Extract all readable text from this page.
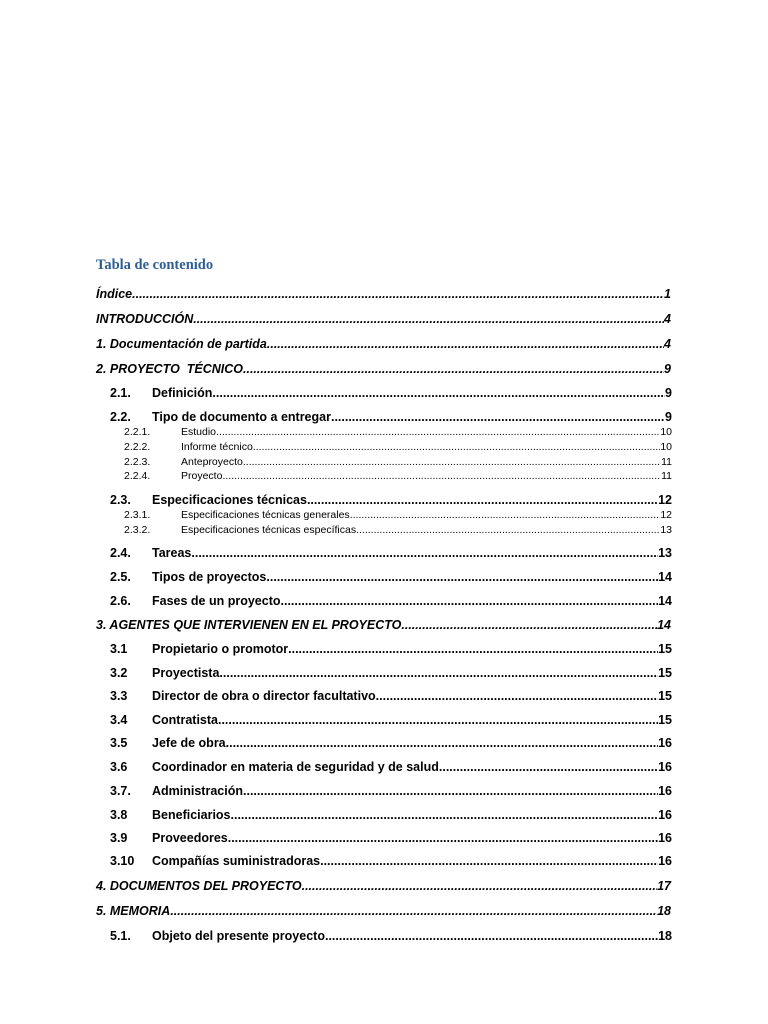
Tabla de contenido
Índice .....	1
INTRODUCCIÓN .....	4
1. Documentación de partida .....	4
2. PROYECTO  TÉCNICO .....	9
2.1.	Definición .....	9
2.2.	Tipo de documento a entregar .....	9
2.2.1.	Estudio .....	10
2.2.2.	Informe técnico .....	10
2.2.3.	Anteproyecto .....	11
2.2.4.	Proyecto .....	11
2.3.	Especificaciones técnicas .....	12
2.3.1.	Especificaciones técnicas generales .....	12
2.3.2.	Especificaciones técnicas específicas .....	13
2.4.	Tareas .....	13
2.5.	Tipos de proyectos .....	14
2.6.	Fases de un proyecto .....	14
3. AGENTES QUE INTERVIENEN EN EL PROYECTO .....	14
3.1	Propietario o promotor .....	15
3.2	Proyectista .....	15
3.3	Director de obra o director facultativo .....	15
3.4	Contratista .....	15
3.5	Jefe de obra .....	16
3.6	Coordinador en materia de seguridad y de salud .....	16
3.7.	Administración .....	16
3.8	Beneficiarios .....	16
3.9	Proveedores .....	16
3.10	Compañías suministradoras .....	16
4. DOCUMENTOS DEL PROYECTO .....	17
5. MEMORIA .....	18
5.1.	Objeto del presente proyecto .....	18
